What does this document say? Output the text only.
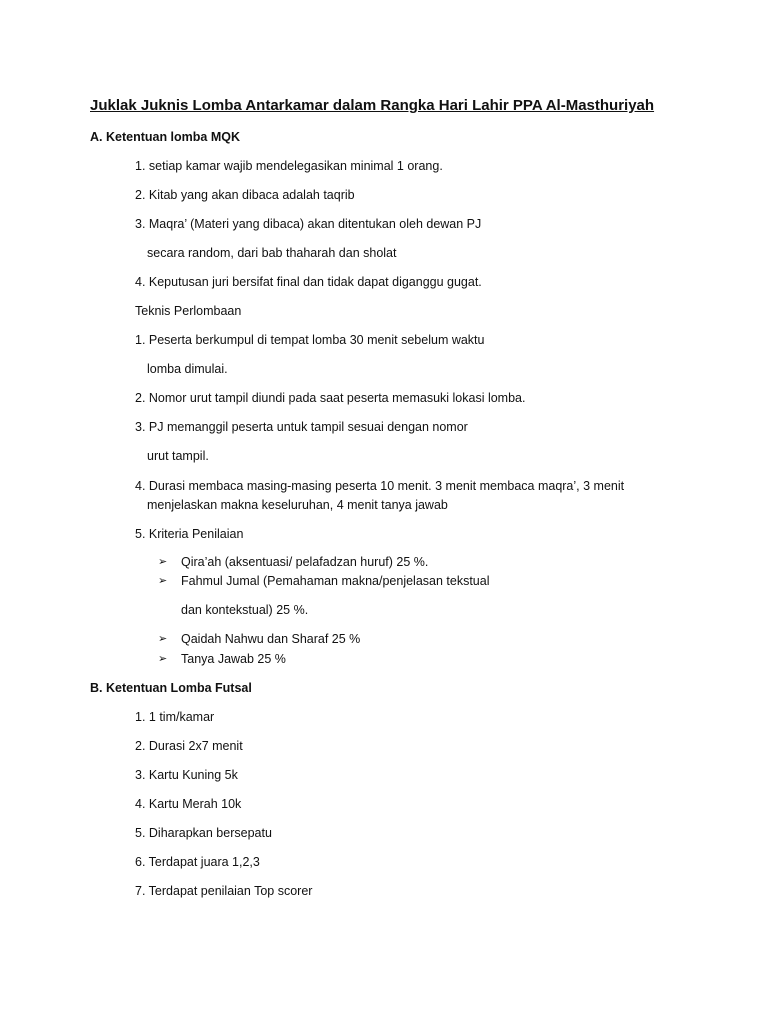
Juklak Juknis Lomba Antarkamar dalam Rangka Hari Lahir PPA Al-Masthuriyah
A. Ketentuan lomba MQK
1. setiap kamar wajib mendelegasikan minimal 1 orang.
2. Kitab yang akan dibaca adalah taqrib
3. Maqra’ (Materi yang dibaca) akan ditentukan oleh dewan PJ
secara random, dari bab thaharah dan sholat
4. Keputusan juri bersifat final dan tidak dapat diganggu gugat.
Teknis Perlombaan
1. Peserta berkumpul di tempat lomba 30 menit sebelum waktu
lomba dimulai.
2. Nomor urut tampil diundi pada saat peserta memasuki lokasi lomba.
3. PJ memanggil peserta untuk tampil sesuai dengan nomor
urut tampil.
4. Durasi membaca masing-masing peserta 10 menit. 3 menit membaca maqra’, 3 menit
menjelaskan makna keseluruhan, 4 menit tanya jawab
5. Kriteria Penilaian
➢ Qira’ah (aksentuasi/ pelafadzan huruf) 25 %.
➢ Fahmul Jumal (Pemahaman makna/penjelasan tekstual
dan kontekstual) 25 %.
➢ Qaidah Nahwu dan Sharaf 25 %
➢ Tanya Jawab 25 %
B. Ketentuan Lomba Futsal
1. 1 tim/kamar
2. Durasi 2x7 menit
3. Kartu Kuning 5k
4. Kartu Merah 10k
5. Diharapkan bersepatu
6. Terdapat juara 1,2,3
7. Terdapat penilaian Top scorer
